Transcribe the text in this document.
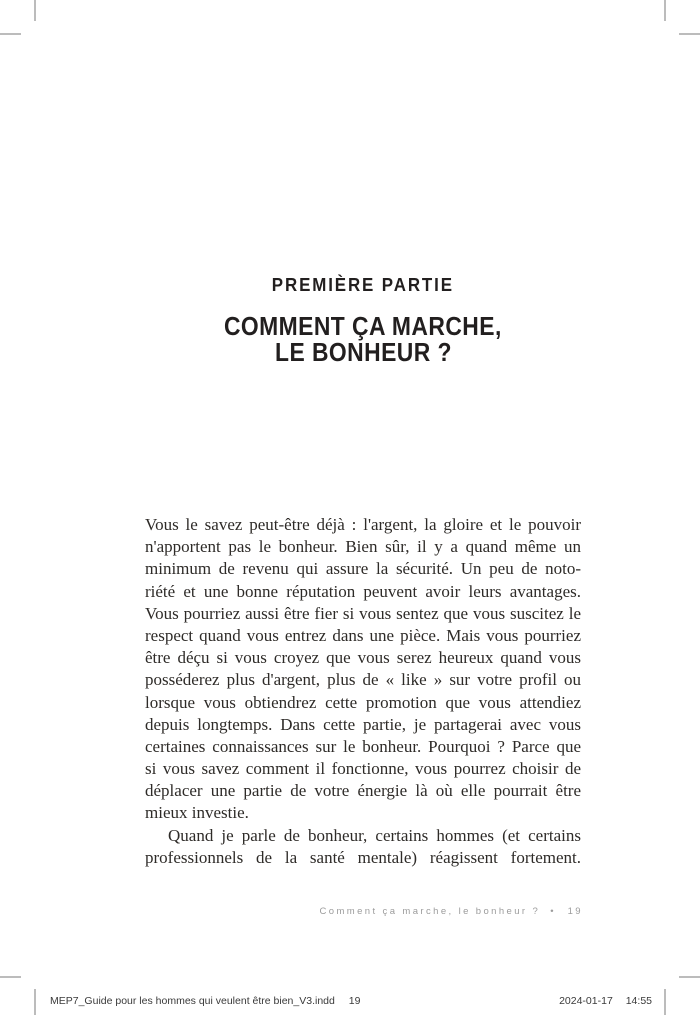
PREMIÈRE PARTIE
COMMENT ÇA MARCHE,
LE BONHEUR ?
Vous le savez peut-être déjà : l'argent, la gloire et le pouvoir
n'apportent pas le bonheur. Bien sûr, il y a quand même un
minimum de revenu qui assure la sécurité. Un peu de noto-
riété et une bonne réputation peuvent avoir leurs avantages.
Vous pourriez aussi être fier si vous sentez que vous suscitez le
respect quand vous entrez dans une pièce. Mais vous pourriez
être déçu si vous croyez que vous serez heureux quand vous
posséderez plus d'argent, plus de « like » sur votre profil ou
lorsque vous obtiendrez cette promotion que vous attendiez
depuis longtemps. Dans cette partie, je partagerai avec vous
certaines connaissances sur le bonheur. Pourquoi ? Parce que
si vous savez comment il fonctionne, vous pourrez choisir de
déplacer une partie de votre énergie là où elle pourrait être
mieux investie.
Quand je parle de bonheur, certains hommes (et certains
professionnels de la santé mentale) réagissent fortement.
Comment ça marche, le bonheur ? • 19
MEP7_Guide pour les hommes qui veulent être bien_V3.indd 19	2024-01-17 14:55
